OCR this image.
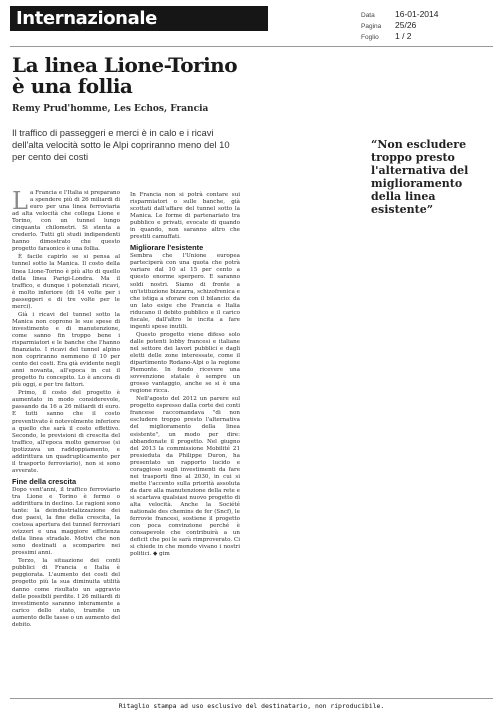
Internazionale	Data	16-01-2014
Pagina	25/26
Foglio	1 / 2
La linea Lione-Torino
è una follia
Remy Prud'homme, Les Echos, Francia
Il traffico di passeggeri e merci è in calo e i ricavi dell'alta velocità sotto le Alpi copriranno meno del 10 per cento dei costi

La Francia e l'Italia si preparano a spendere più di 26 miliardi di euro per una linea ferroviaria ad alta velocità che collega Lione e Torino, con un tunnel lungo cinquanta chilometri. Si stenta a crederlo. Tutti gli studi indipendenti hanno dimostrato che questo progetto faraonico è una follia.

È facile capirlo se si pensa al tunnel sotto la Manica. Il costo della linea Lione-Torino è più alto di quello della linea Parigi-Londra. Ma il traffico, e dunque i potenziali ricavi, è molto inferiore (di 14 volte per i passeggeri e di tre volte per le merci).

Già i ricavi del tunnel sotto la Manica non coprono le sue spese di investimento e di manutenzione, come sanno fin troppo bene i risparmiatori e le banche che l'hanno finanziato. I ricavi del tunnel alpino non copriranno nemmeno il 10 per cento dei costi. Era già evidente negli anni novanta, all'epoca in cui il progetto fu concepito. Lo è ancora di più oggi, e per tre fattori.

Primo, il costo del progetto è aumentato in modo considerevole, passando da 16 a 26 miliardi di euro. E tutti sanno che il costo preventivato è notevolmente inferiore a quello che sarà il costo effettivo. Secondo, le previsioni di crescita del traffico, all'epoca molto generose (si ipotizzava un raddoppiamento, e addirittura un quadruplicamento per il trasporto ferroviario), non si sono avverate.

Fine della crescita

Dopo vent'anni, il traffico ferroviario tra Lione e Torino è fermo o addirittura in declino. Le ragioni sono tante: la deindustrializzazione dei due paesi, la fine della crescita, la costosa apertura dei tunnel ferroviari svizzeri e una maggiore efficienza della linea stradale. Motivi che non sono destinati a scomparire nei prossimi anni.

Terzo, la situazione dei conti pubblici di Francia e Italia è peggiorata. L'aumento dei costi del progetto più la sua diminuita utilità danno come risultato un aggravio delle possibili perdite. I 26 miliardi di investimento saranno interamente a carico dello stato, tramite un aumento delle tasse o un aumento del debito.

In Francia non si potrà contare sui risparmiatori o sulle banche, già scottati dall'affare del tunnel sotto la Manica. Le forme di partenariato tra pubblico e privati, evocate di quando in quando, non saranno altro che prestiti camuffati.

Migliorare l'esistente

Sembra che l'Unione europea parteciperà con una quota che potrà variare dal 10 al 15 per cento a questo enorme sperpero. E saranno soldi nostri. Siamo di fronte a un'istituzione bizzarra, schizofrenica e che istiga a sforare con il bilancio: da un lato esige che Francia e Italia riducano il debito pubblico e il carico fiscale, dall'altro le incita a fare ingenti spese inutili.

Questo progetto viene difeso solo dalle potenti lobby francesi e italiane nel settore dei lavori pubblici e dagli eletti delle zone interessate, come il dipartimento Rodano-Alpi o la regione Piemonte. In fondo ricevere una sovvenzione statale è sempre un grosso vantaggio, anche se si è una regione ricca.

Nell'agosto del 2012 un parere sul progetto espresso dalla corte dei conti francese raccomandava "di non escludere troppo presto l'alternativa del miglioramento della linea esistente", un modo per dire: abbandonate il progetto. Nel giugno del 2013 la commissione Mobilité 21 presieduta da Philippe Duron, ha presentato un rapporto lucido e coraggioso sugli investimenti da fare nei trasporti fino al 2030, in cui si mette l'accento sulla priorità assoluta da dare alla manutenzione della rete e si scartava qualsiasi nuovo progetto di alta velocità. Anche la Société nationale des chemins de fer (Sncf), le ferrovie francesi, sostiene il progetto con poca convinzione perché è consapevole che contribuirà a un deficit che poi le sarà rimproverato. Ci si chiede in che mondo vivano i nostri politici. ◆ gim

“Non escludere troppo presto l'alternativa del miglioramento della linea esistente”
Ritaglio stampa ad uso esclusivo del destinatario, non riproducibile.
